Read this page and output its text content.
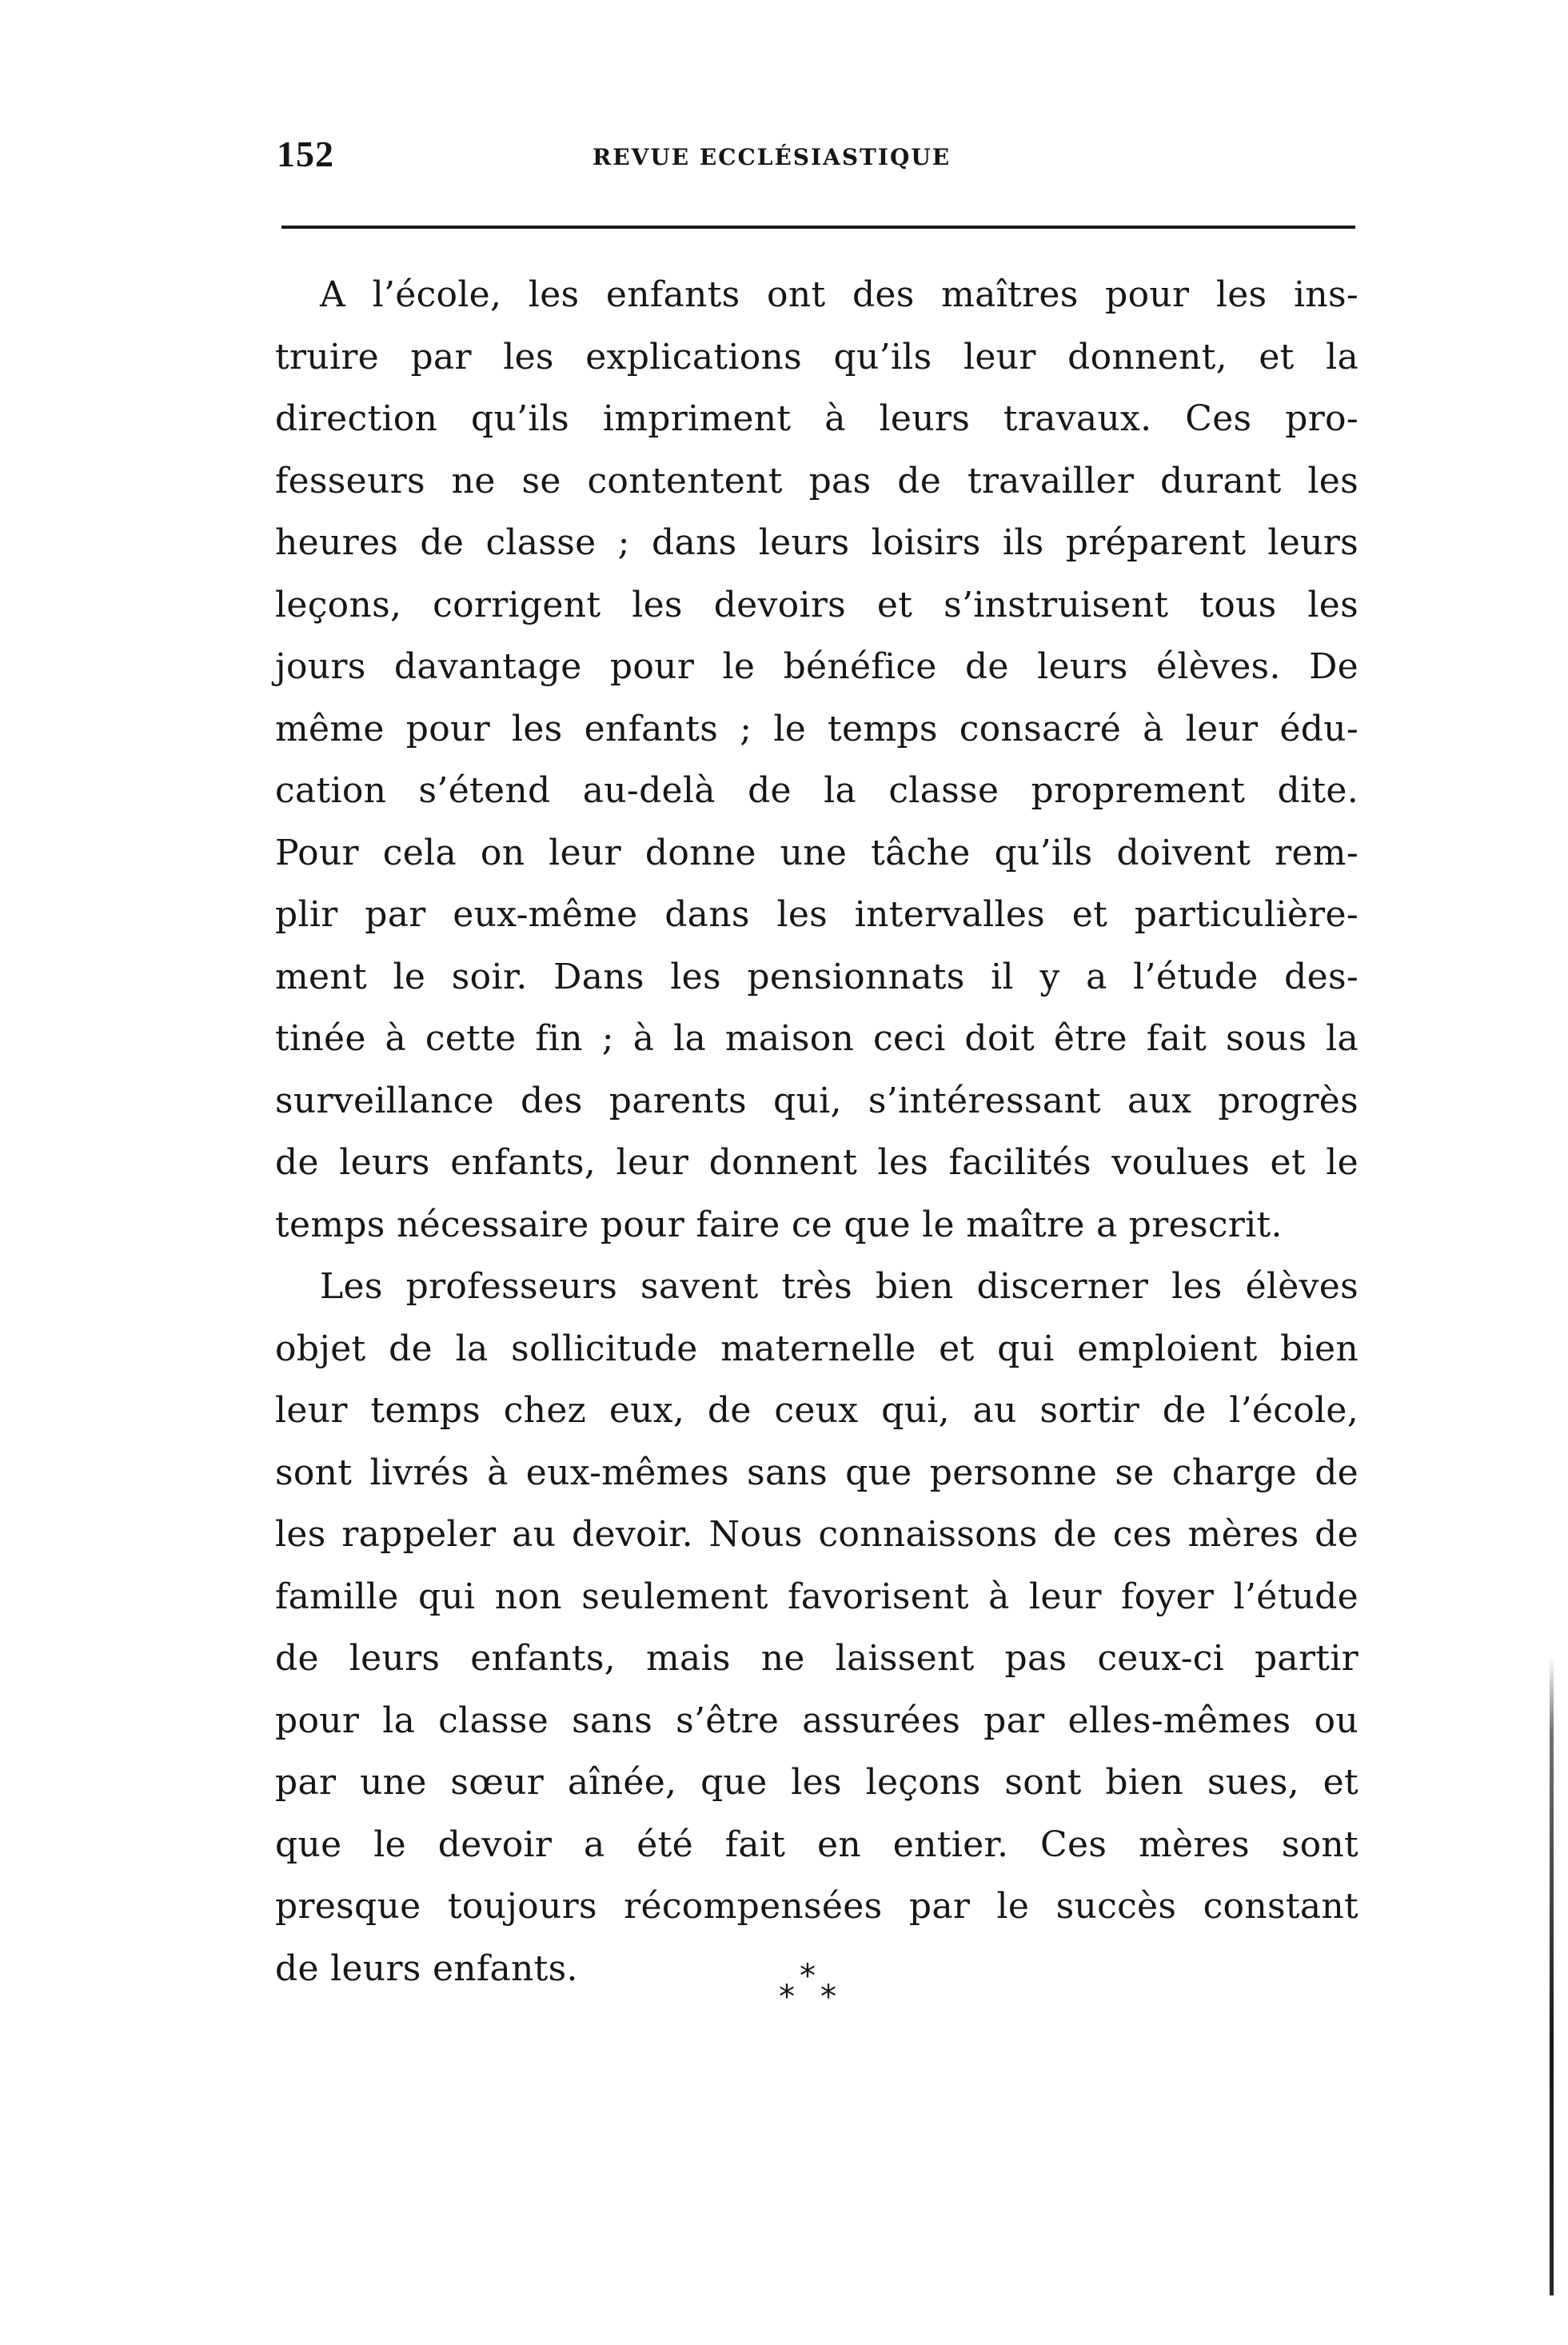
152	REVUE ECCLÉSIASTIQUE
A l’école, les enfants ont des maîtres pour les ins-
truire par les explications qu’ils leur donnent, et la
direction qu’ils impriment à leurs travaux. Ces pro-
fesseurs ne se contentent pas de travailler durant les
heures de classe ; dans leurs loisirs ils préparent leurs
leçons, corrigent les devoirs et s’instruisent tous les
jours davantage pour le bénéfice de leurs élèves. De
même pour les enfants ; le temps consacré à leur édu-
cation s’étend au-delà de la classe proprement dite.
Pour cela on leur donne une tâche qu’ils doivent rem-
plir par eux-même dans les intervalles et particulière-
ment le soir. Dans les pensionnats il y a l’étude des-
tinée à cette fin ; à la maison ceci doit être fait sous la
surveillance des parents qui, s’intéressant aux progrès
de leurs enfants, leur donnent les facilités voulues et le
temps nécessaire pour faire ce que le maître a prescrit.
Les professeurs savent très bien discerner les élèves
objet de la sollicitude maternelle et qui emploient bien
leur temps chez eux, de ceux qui, au sortir de l’école,
sont livrés à eux-mêmes sans que personne se charge de
les rappeler au devoir. Nous connaissons de ces mères de
famille qui non seulement favorisent à leur foyer l’étude
de leurs enfants, mais ne laissent pas ceux-ci partir
pour la classe sans s’être assurées par elles-mêmes ou
par une sœur aînée, que les leçons sont bien sues, et
que le devoir a été fait en entier. Ces mères sont
presque toujours récompensées par le succès constant
de leurs enfants.	*
* *
